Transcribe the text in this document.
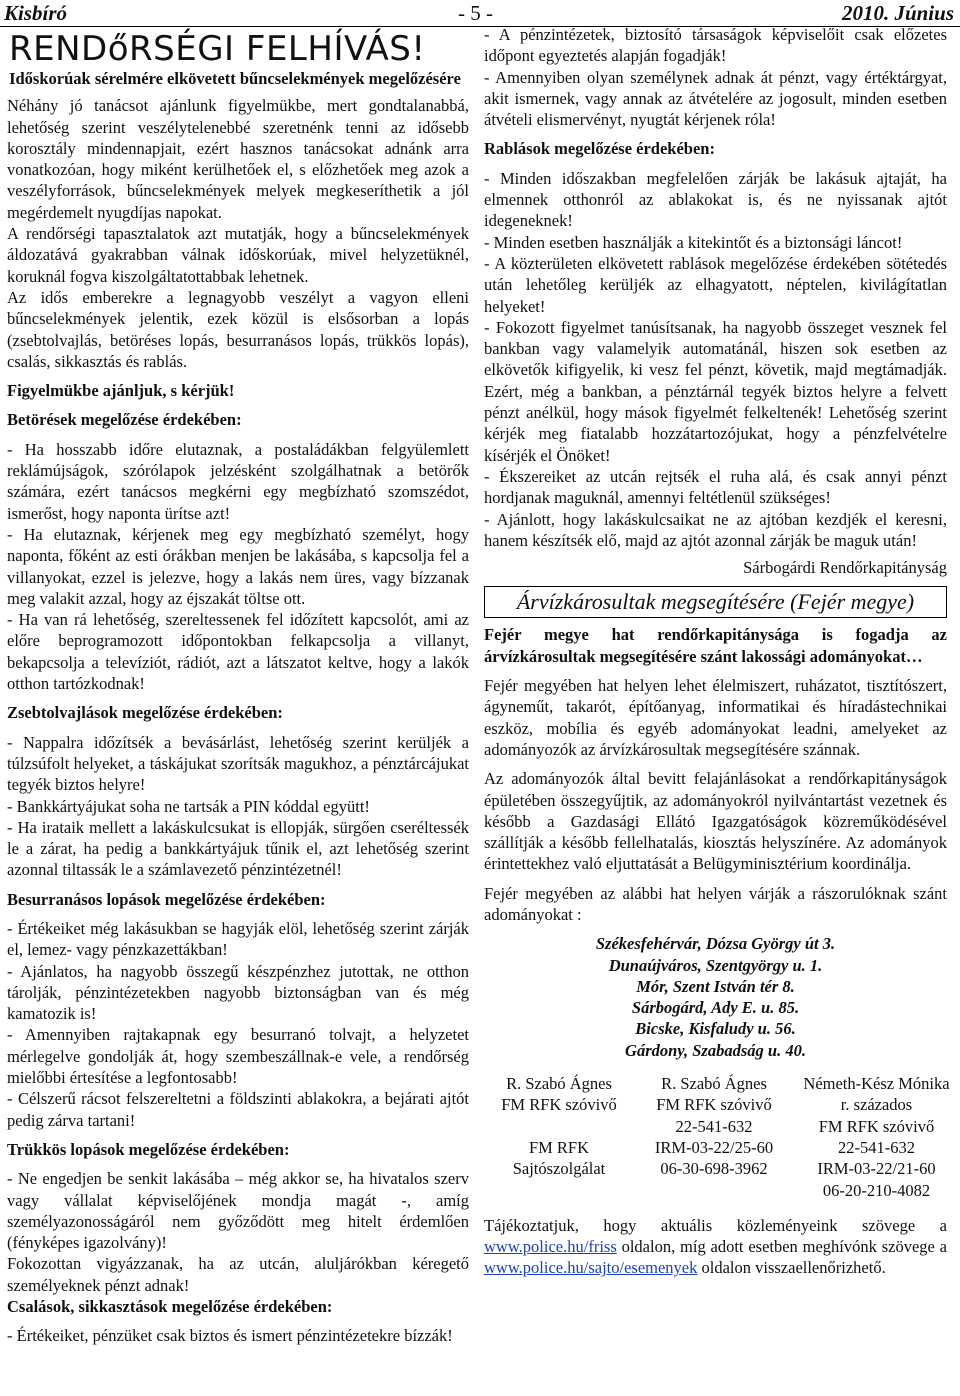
Kisbíró	- 5 -	2010. Június
RENDőRSÉGI FELHÍVÁS!

Időskorúak sérelmére elkövetett bűncselekmények megelőzésére

Néhány jó tanácsot ajánlunk figyelmükbe, mert gondtalanabbá, lehetőség szerint veszélytelenebbé szeretnénk tenni az idősebb korosztály mindennapjait, ezért hasznos tanácsokat adnánk arra vonatkozóan, hogy miként kerülhetőek el, s előzhetőek meg azok a veszélyforrások, bűncselekmények melyek megkeseríthetik a jól megérdemelt nyugdíjas napokat.

A rendőrségi tapasztalatok azt mutatják, hogy a bűncselekmények áldozatává gyakrabban válnak időskorúak, mivel helyzetüknél, koruknál fogva kiszolgáltatottabbak lehetnek.

Az idős emberekre a legnagyobb veszélyt a vagyon elleni bűncselekmények jelentik, ezek közül is elsősorban a lopás (zsebtolvajlás, betöréses lopás, besurranásos lopás, trükkös lopás), csalás, sikkasztás és rablás.

Figyelmükbe ajánljuk, s kérjük!

Betörések megelőzése érdekében:

- Ha hosszabb időre elutaznak, a postaládákban felgyülemlett reklámújságok, szórólapok jelzésként szolgálhatnak a betörők számára, ezért tanácsos megkérni egy megbízható szomszédot, ismerőst, hogy naponta ürítse azt!

- Ha elutaznak, kérjenek meg egy megbízható személyt, hogy naponta, főként az esti órákban menjen be lakásába, s kapcsolja fel a villanyokat, ezzel is jelezve, hogy a lakás nem üres, vagy bízzanak meg valakit azzal, hogy az éjszakát töltse ott.

- Ha van rá lehetőség, szereltessenek fel időzített kapcsolót, ami az előre beprogramozott időpontokban felkapcsolja a villanyt, bekapcsolja a televíziót, rádiót, azt a látszatot keltve, hogy a lakók otthon tartózkodnak!

Zsebtolvajlások megelőzése érdekében:

- Nappalra időzítsék a bevásárlást, lehetőség szerint kerüljék a túlzsúfolt helyeket, a táskájukat szorítsák magukhoz, a pénztárcájukat tegyék biztos helyre!

- Bankkártyájukat soha ne tartsák a PIN kóddal együtt!

- Ha irataik mellett a lakáskulcsukat is ellopják, sürgően cseréltessék le a zárat, ha pedig a bankkártyájuk tűnik el, azt lehetőség szerint azonnal tiltassák le a számlavezető pénzintézetnél!

Besurranásos lopások megelőzése érdekében:

- Értékeiket még lakásukban se hagyják elöl, lehetőség szerint zárják el, lemez- vagy pénzkazettákban!

- Ajánlatos, ha nagyobb összegű készpénzhez jutottak, ne otthon tárolják, pénzintézetekben nagyobb biztonságban van és még kamatozik is!

- Amennyiben rajtakapnak egy besurranó tolvajt, a helyzetet mérlegelve gondolják át, hogy szembeszállnak-e vele, a rendőrség mielőbbi értesítése a legfontosabb!

- Célszerű rácsot felszereltetni a földszinti ablakokra, a bejárati ajtót pedig zárva tartani!

Trükkös lopások megelőzése érdekében:

- Ne engedjen be senkit lakásába – még akkor se, ha hivatalos szerv vagy vállalat képviselőjének mondja magát -, amíg személyazonosságáról nem győződött meg hitelt érdemlően (fényképes igazolvány)!

Fokozottan vigyázzanak, ha az utcán, aluljárókban kéregető személyeknek pénzt adnak!

Csalások, sikkasztások megelőzése érdekében:

- Értékeiket, pénzüket csak biztos és ismert pénzintézetekre bízzák!

- A pénzintézetek, biztosító társaságok képviselőit csak előzetes időpont egyeztetés alapján fogadják!

- Amennyiben olyan személynek adnak át pénzt, vagy értéktárgyat, akit ismernek, vagy annak az átvételére az jogosult, minden esetben átvételi elismervényt, nyugtát kérjenek róla!

Rablások megelőzése érdekében:

- Minden időszakban megfelelően zárják be lakásuk ajtaját, ha elmennek otthonról az ablakokat is, és ne nyissanak ajtót idegeneknek!

- Minden esetben használják a kitekintőt és a biztonsági láncot!

- A közterületen elkövetett rablások megelőzése érdekében sötétedés után lehetőleg kerüljék az elhagyatott, néptelen, kivilágítatlan helyeket!

- Fokozott figyelmet tanúsítsanak, ha nagyobb összeget vesznek fel bankban vagy valamelyik automatánál, hiszen sok esetben az elkövetők kifigyelik, ki vesz fel pénzt, követik, majd megtámadják. Ezért, még a bankban, a pénztárnál tegyék biztos helyre a felvett pénzt anélkül, hogy mások figyelmét felkeltenék! Lehetőség szerint kérjék meg fiatalabb hozzátartozójukat, hogy a pénzfelvételre kísérjék el Önöket!

- Ékszereiket az utcán rejtsék el ruha alá, és csak annyi pénzt hordjanak maguknál, amennyi feltétlenül szükséges!

- Ajánlott, hogy lakáskulcsaikat ne az ajtóban kezdjék el keresni, hanem készítsék elő, majd az ajtót azonnal zárják be maguk után!

Sárbogárdi Rendőrkapitányság

Árvízkárosultak megsegítésére (Fejér megye)

Fejér megye hat rendőrkapitánysága is fogadja az árvízkárosultak megsegítésére szánt lakossági adományokat…

Fejér megyében hat helyen lehet élelmiszert, ruházatot, tisztítószert, ágyneműt, takarót, építőanyag, informatikai és híradástechnikai eszköz, mobília és egyéb adományokat leadni, amelyeket az adományozók az árvízkárosultak megsegítésére szánnak.

Az adományozók által bevitt felajánlásokat a rendőrkapitányságok épületében összegyűjtik, az adományokról nyilvántartást vezetnek és később a Gazdasági Ellátó Igazgatóságok közreműködésével szállítják a később fellelhatalás, kiosztás helyszínére. Az adományok érintettekhez való eljuttatását a Belügyminisztérium koordinálja.

Fejér megyében az alábbi hat helyen várják a rászorulóknak szánt adományokat :

Székesfehérvár, Dózsa György út 3.
Dunaújváros, Szentgyörgy u. 1.
Mór, Szent István tér 8.
Sárbogárd, Ady E. u. 85.
Bicske, Kisfaludy u. 56.
Gárdony, Szabadság u. 40.
R. Szabó Ágnes
FM RFK szóvivő

FM RFK
Sajtószolgálat
R. Szabó Ágnes
FM RFK szóvivő
22-541-632
IRM-03-22/25-60
06-30-698-3962
Németh-Kész Mónika
r. százados
FM RFK szóvivő
22-541-632
IRM-03-22/21-60
06-20-210-4082

Tájékoztatjuk, hogy aktuális közleményeink szövege a www.police.hu/friss oldalon, míg adott esetben meghívónk szövege a www.police.hu/sajto/esemenyek oldalon visszaellenőrizhető.
